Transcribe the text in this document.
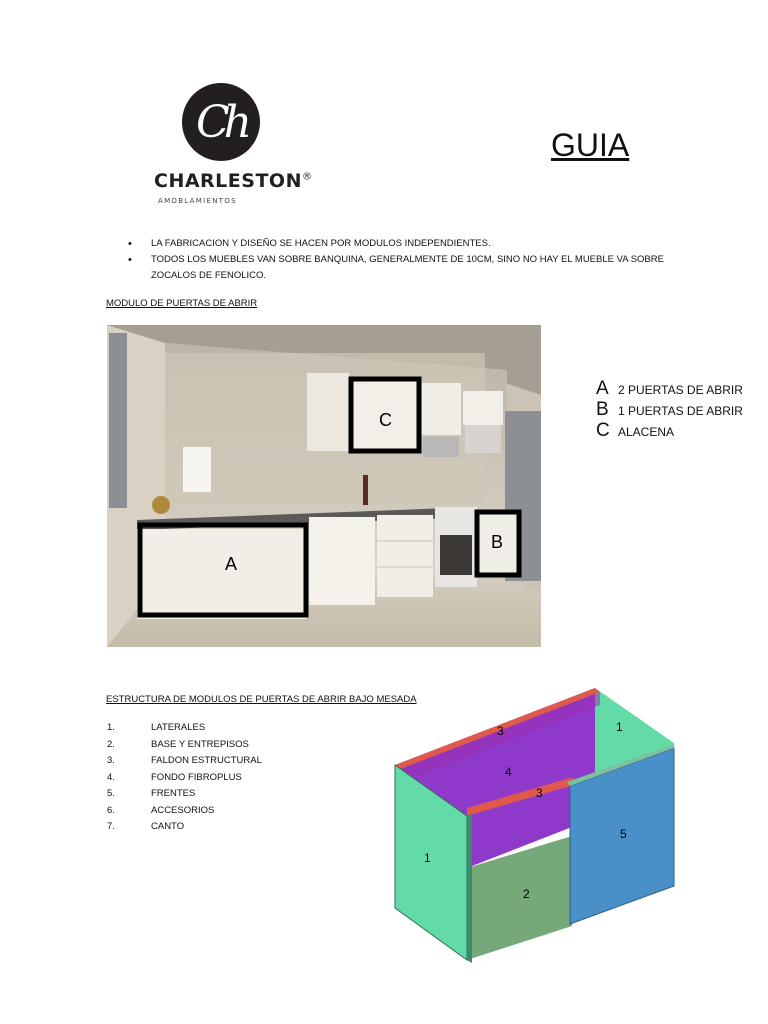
Ch
CHARLESTON®
AMOBLAMIENTOS
GUIA
• LA FABRICACION Y DISEÑO SE HACEN POR MODULOS INDEPENDIENTES.
• TODOS LOS MUEBLES VAN SOBRE BANQUINA, GENERALMENTE DE 10CM, SINO NO HAY EL MUEBLE VA SOBRE ZOCALOS DE FENOLICO.
MODULO DE PUERTAS DE ABRIR
A
C
B
A 2 PUERTAS DE ABRIR
B 1 PUERTAS DE ABRIR
C ALACENA
ESTRUCTURA DE MODULOS DE PUERTAS DE ABRIR BAJO MESADA
1.	LATERALES
2.	BASE Y ENTREPISOS
3.	FALDON ESTRUCTURAL
4.	FONDO FIBROPLUS
5.	FRENTES
6.	ACCESORIOS
7.	CANTO
3	1
4
3
5
1
2
